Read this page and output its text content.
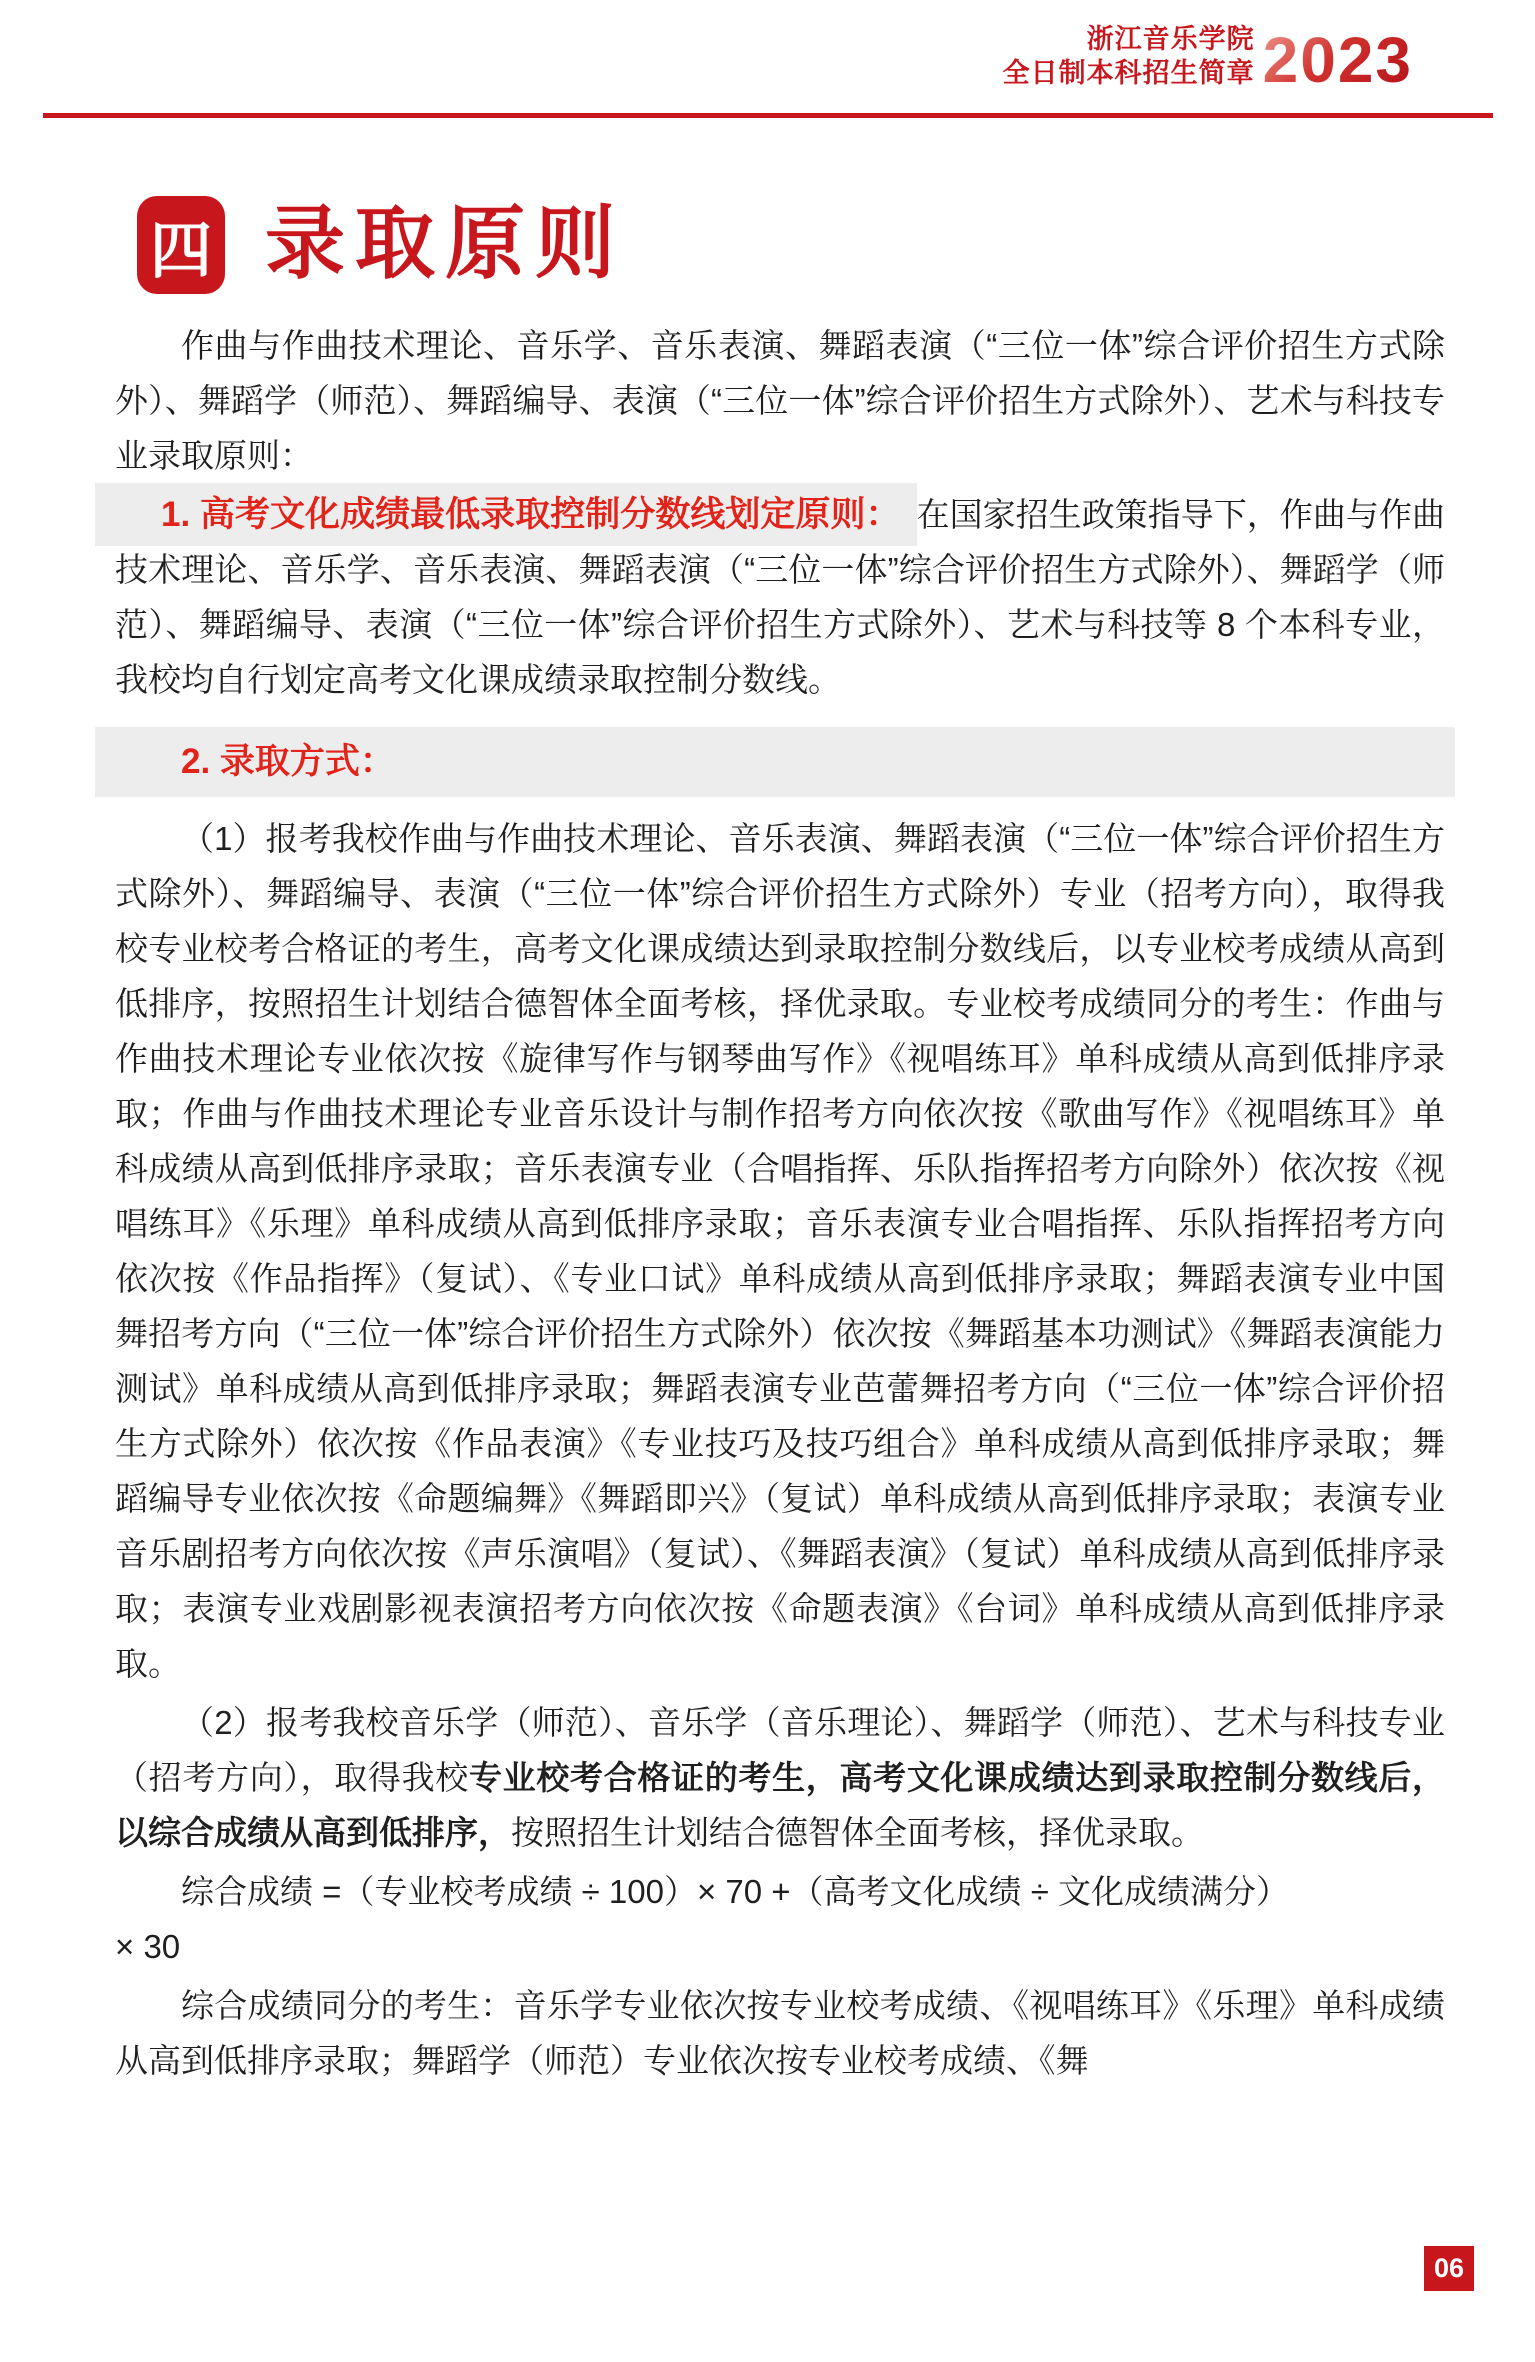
浙江音乐学院
全日制本科招生简章 2023
四 录取原则

作曲与作曲技术理论、音乐学、音乐表演、舞蹈表演（“三位一体”综合评价招生方式除外）、舞蹈学（师范）、舞蹈编导、表演（“三位一体”综合评价招生方式除外）、艺术与科技专业录取原则：

1. 高考文化成绩最低录取控制分数线划定原则： 在国家招生政策指导下，作曲与作曲技术理论、音乐学、音乐表演、舞蹈表演（“三位一体”综合评价招生方式除外）、舞蹈学（师范）、舞蹈编导、表演（“三位一体”综合评价招生方式除外）、艺术与科技等 8 个本科专业，我校均自行划定高考文化课成绩录取控制分数线。

2. 录取方式：

（1）报考我校作曲与作曲技术理论、音乐表演、舞蹈表演（“三位一体”综合评价招生方式除外）、舞蹈编导、表演（“三位一体”综合评价招生方式除外）专业（招考方向），取得我校专业校考合格证的考生，高考文化课成绩达到录取控制分数线后，以专业校考成绩从高到低排序，按照招生计划结合德智体全面考核，择优录取。专业校考成绩同分的考生：作曲与作曲技术理论专业依次按《旋律写作与钢琴曲写作》《视唱练耳》单科成绩从高到低排序录取；作曲与作曲技术理论专业音乐设计与制作招考方向依次按《歌曲写作》《视唱练耳》单科成绩从高到低排序录取；音乐表演专业（合唱指挥、乐队指挥招考方向除外）依次按《视唱练耳》《乐理》单科成绩从高到低排序录取；音乐表演专业合唱指挥、乐队指挥招考方向依次按《作品指挥》（复试）、《专业口试》单科成绩从高到低排序录取；舞蹈表演专业中国舞招考方向（“三位一体”综合评价招生方式除外）依次按《舞蹈基本功测试》《舞蹈表演能力测试》单科成绩从高到低排序录取；舞蹈表演专业芭蕾舞招考方向（“三位一体”综合评价招生方式除外）依次按《作品表演》《专业技巧及技巧组合》单科成绩从高到低排序录取；舞蹈编导专业依次按《命题编舞》《舞蹈即兴》（复试）单科成绩从高到低排序录取；表演专业音乐剧招考方向依次按《声乐演唱》（复试）、《舞蹈表演》（复试）单科成绩从高到低排序录取；表演专业戏剧影视表演招考方向依次按《命题表演》《台词》单科成绩从高到低排序录取。

（2）报考我校音乐学（师范）、音乐学（音乐理论）、舞蹈学（师范）、艺术与科技专业（招考方向），取得我校专业校考合格证的考生，高考文化课成绩达到录取控制分数线后，以综合成绩从高到低排序，按照招生计划结合德智体全面考核，择优录取。

综合成绩 =（专业校考成绩 ÷ 100）× 70 +（高考文化成绩 ÷ 文化成绩满分）
× 30

综合成绩同分的考生：音乐学专业依次按专业校考成绩、《视唱练耳》《乐理》单科成绩从高到低排序录取；舞蹈学（师范）专业依次按专业校考成绩、《舞

06
